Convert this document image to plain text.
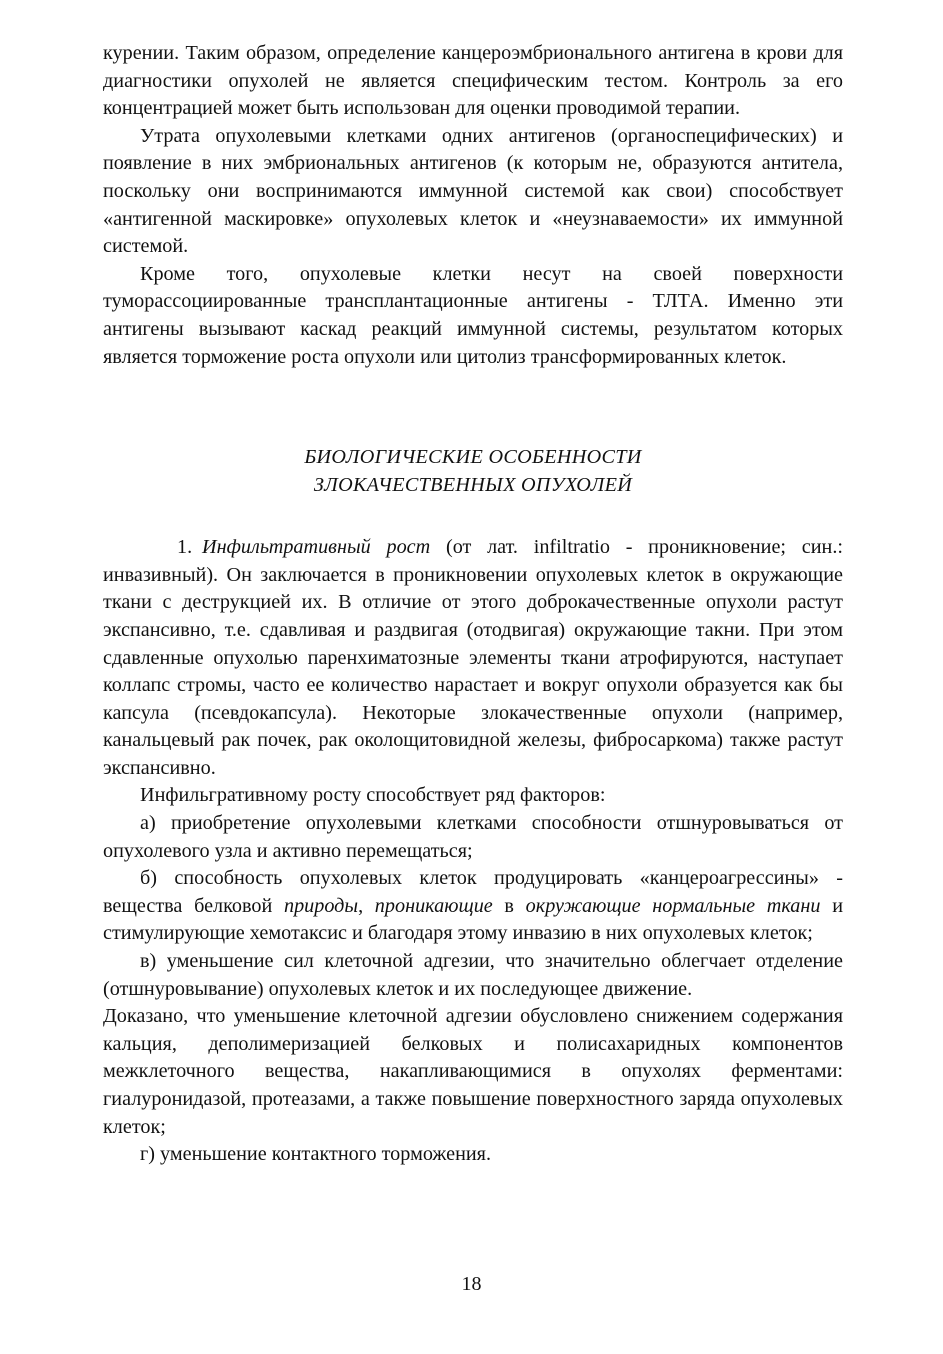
курении. Таким образом, определение канцероэмбрионального антигена в крови для диагностики опухолей не является специфическим тестом. Контроль за его концентрацией может быть использован для оценки проводимой терапии.

Утрата опухолевыми клетками одних антигенов (органоспецифических) и появление в них эмбриональных антигенов (к которым не, образуются антитела, поскольку они воспринимаются иммунной системой как свои) способствует «антигенной маскировке» опухолевых клеток и «неузнаваемости» их иммунной системой.

Кроме того, опухолевые клетки несут на своей поверхности туморассоциированные трансплантационные антигены - ТЛТА. Именно эти антигены вызывают каскад реакций иммунной системы, результатом которых является торможение роста опухоли или цитолиз трансформированных клеток.

БИОЛОГИЧЕСКИЕ ОСОБЕННОСТИ
ЗЛОКАЧЕСТВЕННЫХ ОПУХОЛЕЙ

1. Инфильтративный рост (от лат. infiltratio - проникновение; син.: инвазивный). Он заключается в проникновении опухолевых клеток в окружающие ткани с деструкцией их. В отличие от этого доброкачественные опухоли растут экспансивно, т.е. сдавливая и раздвигая (отодвигая) окружающие такни. При этом сдавленные опухолью паренхиматозные элементы ткани атрофируются, наступает коллапс стромы, часто ее количество нарастает и вокруг опухоли образуется как бы капсула (псевдокапсула). Некоторые злокачественные опухоли (например, канальцевый рак почек, рак околощитовидной железы, фибросаркома) также растут экспансивно.

Инфильгративному росту способствует ряд факторов:

а) приобретение опухолевыми клетками способности отшнуровываться от опухолевого узла и активно перемещаться;

б) способность опухолевых клеток продуцировать «канцероагрессины» - вещества белковой природы, проникающие в окружающие нормальные ткани и стимулирующие хемотаксис и благодаря этому инвазию в них опухолевых клеток;

в) уменьшение сил клеточной адгезии, что значительно облегчает отделение (отшнуровывание) опухолевых клеток и их последующее движение.

Доказано, что уменьшение клеточной адгезии обусловлено снижением содержания кальция, деполимеризацией белковых и полисахаридных компонентов межклеточного вещества, накапливающимися в опухолях ферментами: гиалуронидазой, протеазами, а также повышение поверхностного заряда опухолевых клеток;

г) уменьшение контактного торможения.

18
